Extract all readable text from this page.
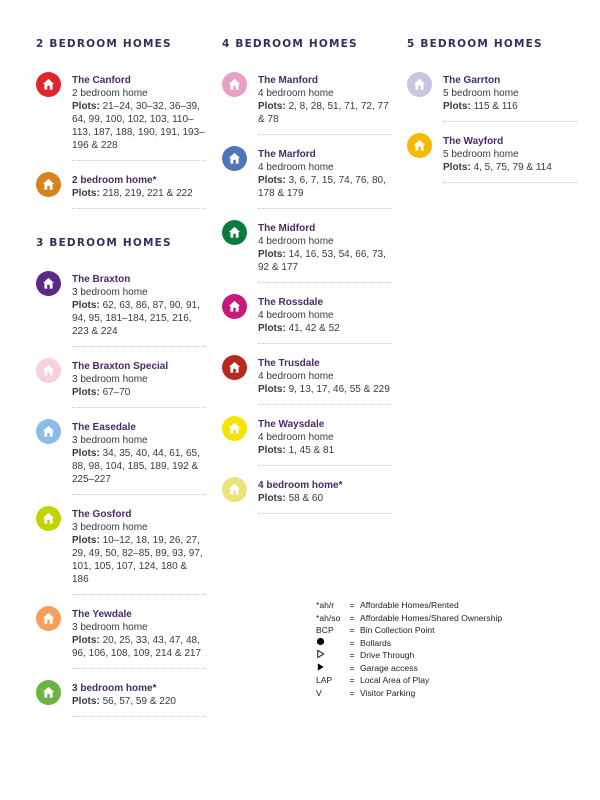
2 BEDROOM HOMES
The Canford
2 bedroom home
Plots: 21–24, 30–32, 36–39, 64, 99, 100, 102, 103, 110–113, 187, 188, 190, 191, 193–196 & 228
2 bedroom home*
Plots: 218, 219, 221 & 222
3 BEDROOM HOMES
The Braxton
3 bedroom home
Plots: 62, 63, 86, 87, 90, 91, 94, 95, 181–184, 215, 216, 223 & 224
The Braxton Special
3 bedroom home
Plots: 67–70
The Easedale
3 bedroom home
Plots: 34, 35, 40, 44, 61, 65, 88, 98, 104, 185, 189, 192 & 225–227
The Gosford
3 bedroom home
Plots: 10–12, 18, 19, 26, 27, 29, 49, 50, 82–85, 89, 93, 97, 101, 105, 107, 124, 180 & 186
The Yewdale
3 bedroom home
Plots: 20, 25, 33, 43, 47, 48, 96, 106, 108, 109, 214 & 217
3 bedroom home*
Plots: 56, 57, 59 & 220
4 BEDROOM HOMES
The Manford
4 bedroom home
Plots: 2, 8, 28, 51, 71, 72, 77 & 78
The Marford
4 bedroom home
Plots: 3, 6, 7, 15, 74, 76, 80, 178 & 179
The Midford
4 bedroom home
Plots: 14, 16, 53, 54, 66, 73, 92 & 177
The Rossdale
4 bedroom home
Plots: 41, 42 & 52
The Trusdale
4 bedroom home
Plots: 9, 13, 17, 46, 55 & 229
The Waysdale
4 bedroom home
Plots: 1, 45 & 81
4 bedroom home*
Plots: 58 & 60
5 BEDROOM HOMES
The Garrton
5 bedroom home
Plots: 115 & 116
The Wayford
5 bedroom home
Plots: 4, 5, 75, 79 & 114
*ah/r	= Affordable Homes/Rented
*ah/so	= Affordable Homes/Shared Ownership
BCP	= Bin Collection Point
= Bollards
= Drive Through
= Garage access
LAP	= Local Area of Play
V	= Visitor Parking
